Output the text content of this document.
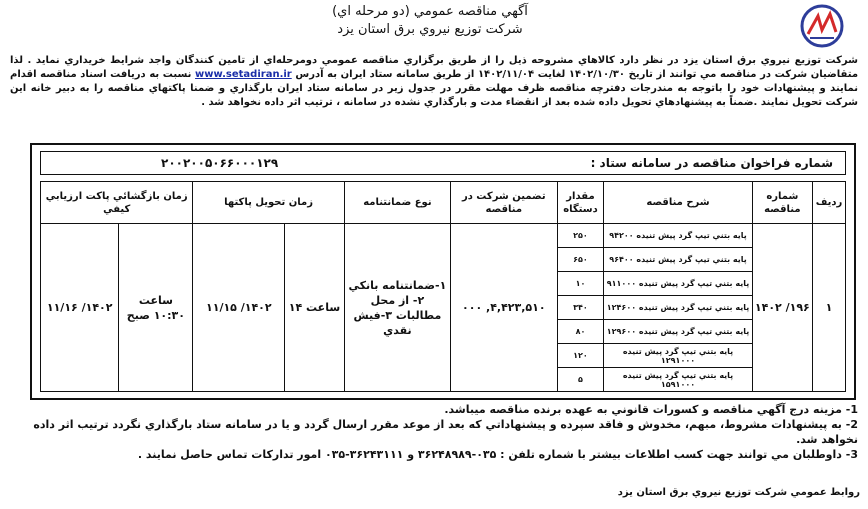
آگهي مناقصه عمومي (دو مرحله اي)
شركت توزيع نيروي برق استان يزد
شركت توزيع نيروي برق استان يزد در نظر دارد كالاهاي مشروحه ذيل را از طريق برگزاري مناقصه عمومي دومرحله‌اي از تامين كنندگان واجد شرايط خريداري نمايد . لذا متقاضيان شركت در مناقصه مي توانند از تاريخ ۱۴۰۲/۱۰/۳۰ لغايت ۱۴۰۲/۱۱/۰۴ از طريق سامانه ستاد ايران به آدرس www.setadiran.ir نسبت به دريافت اسناد مناقصه اقدام نمايند و پيشنهادات خود را باتوجه به مندرجات دفترچه مناقصه ظرف مهلت مقرر در جدول زير در سامانه ستاد ايران بارگذاري و ضمنا پاكتهاي مناقصه را به دبير خانه اين شركت تحويل نمايند .ضمناً به پيشنهادهاي تحويل داده شده بعد از انقضاء مدت و بارگذاري نشده در سامانه ، ترتيب اثر داده نخواهد شد .
شماره فراخوان مناقصه در سامانه ستاد :
۲۰۰۲۰۰۵۰۶۶۰۰۰۱۲۹
رديف	شماره مناقصه	شرح مناقصه	مقدار دستگاه	تضمين شركت در مناقصه	نوع ضمانتنامه	زمان تحويل پاكتها		زمان بازگشائي پاكت ارزيابي كيفي	
۱	۱۹۶/ ۱۴۰۲	پايه بتني تيپ گرد پيش تنيده ۹۴۲۰۰	۲۵۰	۴,۴۲۳,۵۱۰, ۰۰۰	۱-ضمانتنامه بانكي ۲- از محل مطالبات ۳-فيش نقدي	ساعت ۱۴	۱۴۰۲/ ۱۱/۱۵	ساعت ۱۰:۳۰ صبح	۱۴۰۲/ ۱۱/۱۶
		پايه بتني تيپ گرد پيش تنيده ۹۶۴۰۰	۶۵۰						
		پايه بتني تيپ گرد پيش تنيده ۹۱۱۰۰۰	۱۰						
		پايه بتني تيپ گرد پيش تنيده ۱۲۴۶۰۰	۳۴۰						
		پايه بتني تيپ گرد پيش تنيده ۱۲۹۶۰۰	۸۰						
		پايه بتني تيپ گرد پيش تنيده ۱۲۹۱۰۰۰	۱۲۰						
		پايه بتني تيپ گرد پيش تنيده ۱۵۹۱۰۰۰	۵						

1- مزينه درج آگهي مناقصه و كسورات قانوني به عهده برنده مناقصه ميباشد.

2- به پيشنهادات مشروط، مبهم، مخدوش و فاقد سپرده و پيشنهاداتي كه بعد از موعد مقرر ارسال گردد و يا در سامانه ستاد بارگذاري نگردد ترتيب اثر داده نخواهد شد.

3- داوطلبان مي توانند جهت كسب اطلاعات بيشتر با شماره تلفن : ۰۳۵-۳۶۲۴۸۹۸۹ و ۳۶۲۴۳۱۱۱-۰۳۵ امور تداركات تماس حاصل نمايند .

روابط عمومي شركت توزيع نيروي برق استان يزد
